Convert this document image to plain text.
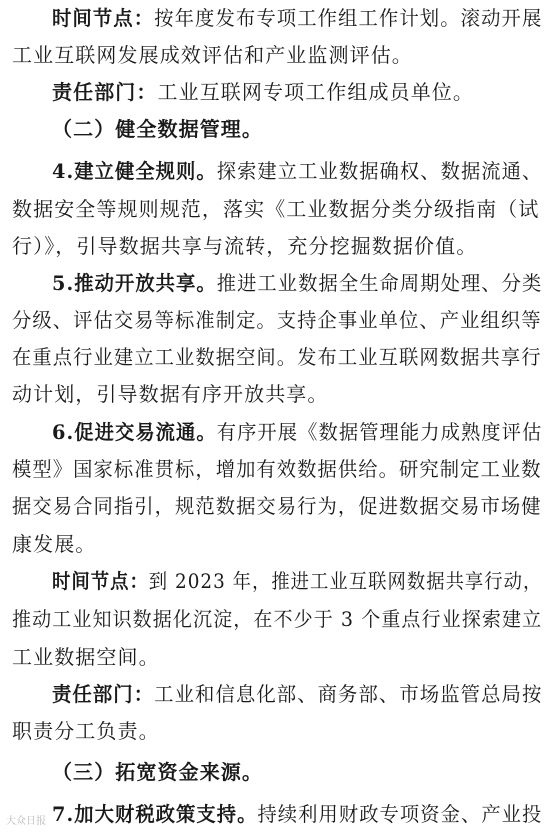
时间节点：按年度发布专项工作组工作计划。滚动开展
工业互联网发展成效评估和产业监测评估。
责任部门：工业互联网专项工作组成员单位。
（二）健全数据管理。
4.建立健全规则。探索建立工业数据确权、数据流通、
数据安全等规则规范，落实《工业数据分类分级指南（试
行）》，引导数据共享与流转，充分挖掘数据价值。
5.推动开放共享。推进工业数据全生命周期处理、分类
分级、评估交易等标准制定。支持企事业单位、产业组织等
在重点行业建立工业数据空间。发布工业互联网数据共享行
动计划，引导数据有序开放共享。
6.促进交易流通。有序开展《数据管理能力成熟度评估
模型》国家标准贯标，增加有效数据供给。研究制定工业数
据交易合同指引，规范数据交易行为，促进数据交易市场健
康发展。
时间节点：到 2023 年，推进工业互联网数据共享行动，
推动工业知识数据化沉淀，在不少于 3 个重点行业探索建立
工业数据空间。
责任部门：工业和信息化部、商务部、市场监管总局按
职责分工负责。
（三）拓宽资金来源。
7.加大财税政策支持。持续利用财政专项资金、产业投
大众日报
